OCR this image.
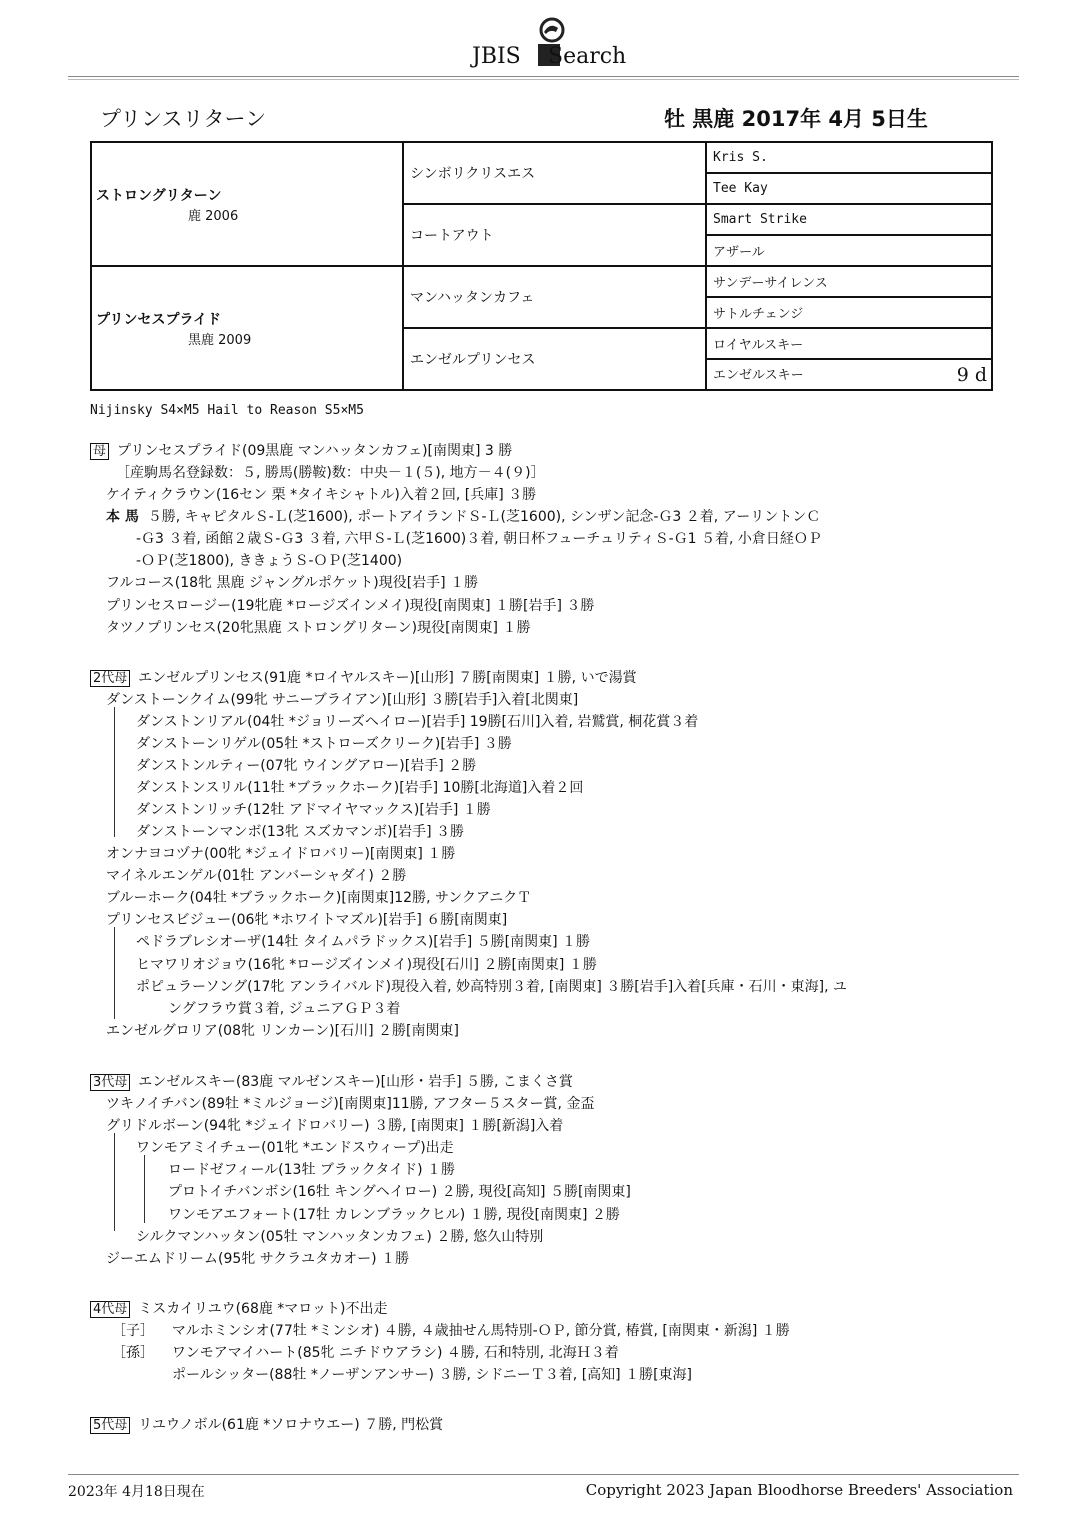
JBIS Search
プリンスリターン	牡 黒鹿 2017年 4月 5日生
ストロングリターン
鹿 2006	シンボリクリスエス	Kris S.
		Tee Kay
	コートアウト	Smart Strike
		アザール

プリンセスプライド
黒鹿 2009	マンハッタンカフェ	サンデーサイレンス
		サトルチェンジ
	エンゼルプリンセス	ロイヤルスキー
		エンゼルスキー 9 d
Nijinsky S4×M5 Hail to Reason S5×M5
母 プリンセスプライド(09黒鹿 マンハッタンカフェ)[南関東] 3 勝
［産駒馬名登録数：５, 勝馬(勝鞍)数：中央－１(５), 地方－４(９)］
ケイティクラウン(16セン 栗 *タイキシャトル)入着２回, [兵庫] ３勝
本 馬 ５勝, キャピタルＳ-Ｌ(芝1600), ポートアイランドＳ-Ｌ(芝1600), シンザン記念-Ｇ3 ２着, アーリントンＣ
-Ｇ3 ３着, 函館２歳Ｓ-Ｇ3 ３着, 六甲Ｓ-Ｌ(芝1600)３着, 朝日杯フューチュリティＳ-Ｇ1 ５着, 小倉日経ＯＰ
-ＯＰ(芝1800), ききょうＳ-ＯＰ(芝1400)
フルコース(18牝 黒鹿 ジャングルポケット)現役[岩手] １勝
プリンセスロージー(19牝鹿 *ロージズインメイ)現役[南関東] １勝[岩手] ３勝
タツノプリンセス(20牝黒鹿 ストロングリターン)現役[南関東] １勝
2代母 エンゼルプリンセス(91鹿 *ロイヤルスキー)[山形] ７勝[南関東] １勝, いで湯賞
ダンストーンクイム(99牝 サニーブライアン)[山形] ３勝[岩手]入着[北関東]
ダンストンリアル(04牡 *ジョリーズヘイロー)[岩手] 19勝[石川]入着, 岩鷲賞, 桐花賞３着
ダンストーンリゲル(05牡 *ストローズクリーク)[岩手] ３勝
ダンストンルティー(07牝 ウイングアロー)[岩手] ２勝
ダンストンスリル(11牡 *ブラックホーク)[岩手] 10勝[北海道]入着２回
ダンストンリッチ(12牡 アドマイヤマックス)[岩手] １勝
ダンストーンマンボ(13牝 スズカマンボ)[岩手] ３勝
オンナヨコヅナ(00牝 *ジェイドロバリー)[南関東] １勝
マイネルエンゲル(01牡 アンバーシャダイ) ２勝
ブルーホーク(04牡 *ブラックホーク)[南関東]12勝, サンクアニクＴ
プリンセスビジュー(06牝 *ホワイトマズル)[岩手] ６勝[南関東]
ペドラブレシオーザ(14牡 タイムパラドックス)[岩手] ５勝[南関東] １勝
ヒマワリオジョウ(16牝 *ロージズインメイ)現役[石川] ２勝[南関東] １勝
ポピュラーソング(17牝 アンライバルド)現役入着, 妙高特別３着, [南関東] ３勝[岩手]入着[兵庫・石川・東海], ユ
ングフラウ賞３着, ジュニアＧＰ３着
エンゼルグロリア(08牝 リンカーン)[石川] ２勝[南関東]
3代母 エンゼルスキー(83鹿 マルゼンスキー)[山形・岩手] ５勝, こまくさ賞
ツキノイチバン(89牡 *ミルジョージ)[南関東]11勝, アフター５スター賞, 金盃
グリドルボーン(94牝 *ジェイドロバリー) ３勝, [南関東] １勝[新潟]入着
ワンモアミイチュー(01牝 *エンドスウィープ)出走
ロードゼフィール(13牡 ブラックタイド) １勝
プロトイチバンボシ(16牡 キングヘイロー) ２勝, 現役[高知] ５勝[南関東]
ワンモアエフォート(17牡 カレンブラックヒル) １勝, 現役[南関東] ２勝
シルクマンハッタン(05牡 マンハッタンカフェ) ２勝, 悠久山特別
ジーエムドリーム(95牝 サクラユタカオー) １勝
4代母 ミスカイリユウ(68鹿 *マロット)不出走
［子］ マルホミンシオ(77牡 *ミンシオ) ４勝, ４歳抽せん馬特別-ＯＰ, 節分賞, 椿賞, [南関東・新潟] １勝
［孫］ ワンモアマイハート(85牝 ニチドウアラシ) ４勝, 石和特別, 北海Ｈ３着
ポールシッター(88牡 *ノーザンアンサー) ３勝, シドニーＴ３着, [高知] １勝[東海]
5代母 リユウノボル(61鹿 *ソロナウエー) ７勝, 門松賞
2023年 4月18日現在	Copyright 2023 Japan Bloodhorse Breeders' Association
